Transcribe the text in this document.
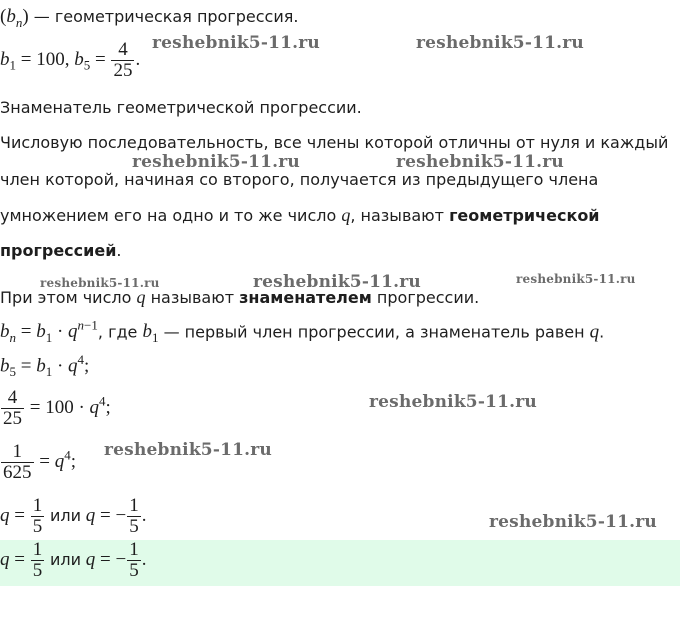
$(b_n)$ — геометрическая прогрессия.
$b_1 = 100$, $b_5 = \frac{4}{25}$ .
Знаменатель геометрической прогрессии.
Числовую последовательность, все члены которой отличны от нуля и каждый
член которой, начиная со второго, получается из предыдущего члена
умножением его на одно и то же число q, называют геометрической
прогрессией.
При этом число q называют знаменателем прогрессии.
$b_n = b_1 \cdot q^{n-1}$, где $b_1$ — первый член прогрессии, а знаменатель равен q.
$b_5 = b_1 \cdot q^4$;
$\frac{4}{25} = 100 \cdot q^4$;
$\frac{1}{625} = q^4$;
$q = \frac{1}{5}$ или q = − $\frac{1}{5}$ .
$q = \frac{1}{5}$ или q = − $\frac{1}{5}$ .
reshebnik5-11.ru	reshebnik5-11.ru
reshebnik5-11.ru	reshebnik5-11.ru
reshebnik5-11.ru	reshebnik5-11.ru	reshebnik5-11.ru
reshebnik5-11.ru
reshebnik5-11.ru
reshebnik5-11.ru
